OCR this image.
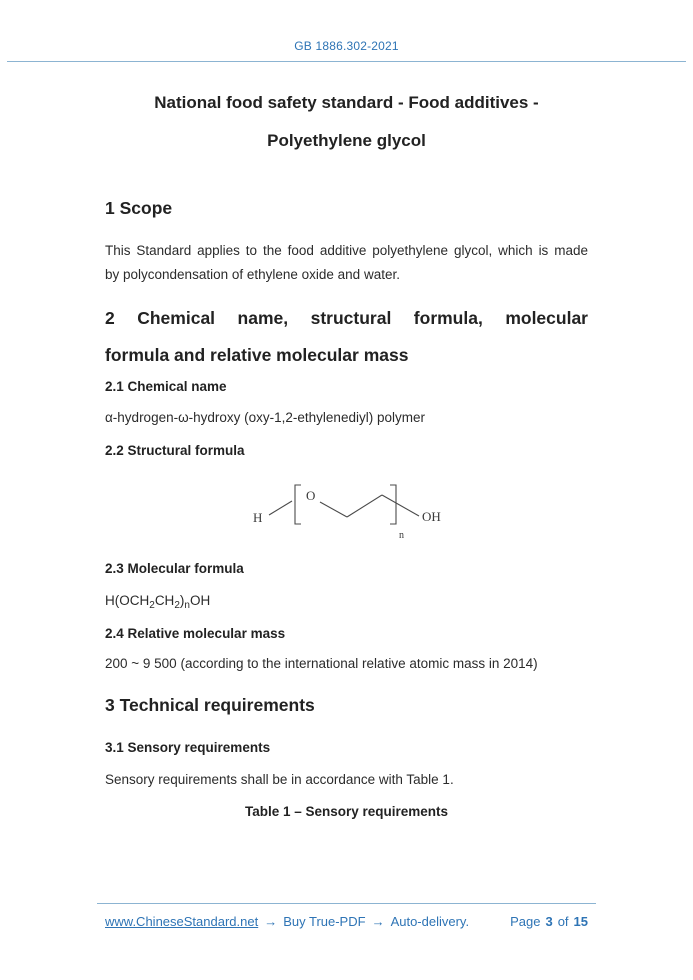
GB 1886.302-2021
National food safety standard - Food additives -
Polyethylene glycol
1 Scope
This Standard applies to the food additive polyethylene glycol, which is made
by polycondensation of ethylene oxide and water.
2 Chemical name, structural formula, molecular
formula and relative molecular mass
2.1 Chemical name
α-hydrogen-ω-hydroxy (oxy-1,2-ethylenediyl) polymer
2.2 Structural formula
H
O
n
OH
2.3 Molecular formula
$H(OCH_2CH_2)_nOH$
2.4 Relative molecular mass
200 ~ 9 500 (according to the international relative atomic mass in 2014)
3 Technical requirements
3.1 Sensory requirements
Sensory requirements shall be in accordance with Table 1.
Table 1 – Sensory requirements
www.ChineseStandard.net → Buy True-PDF → Auto-delivery.	Page 3 of 15
